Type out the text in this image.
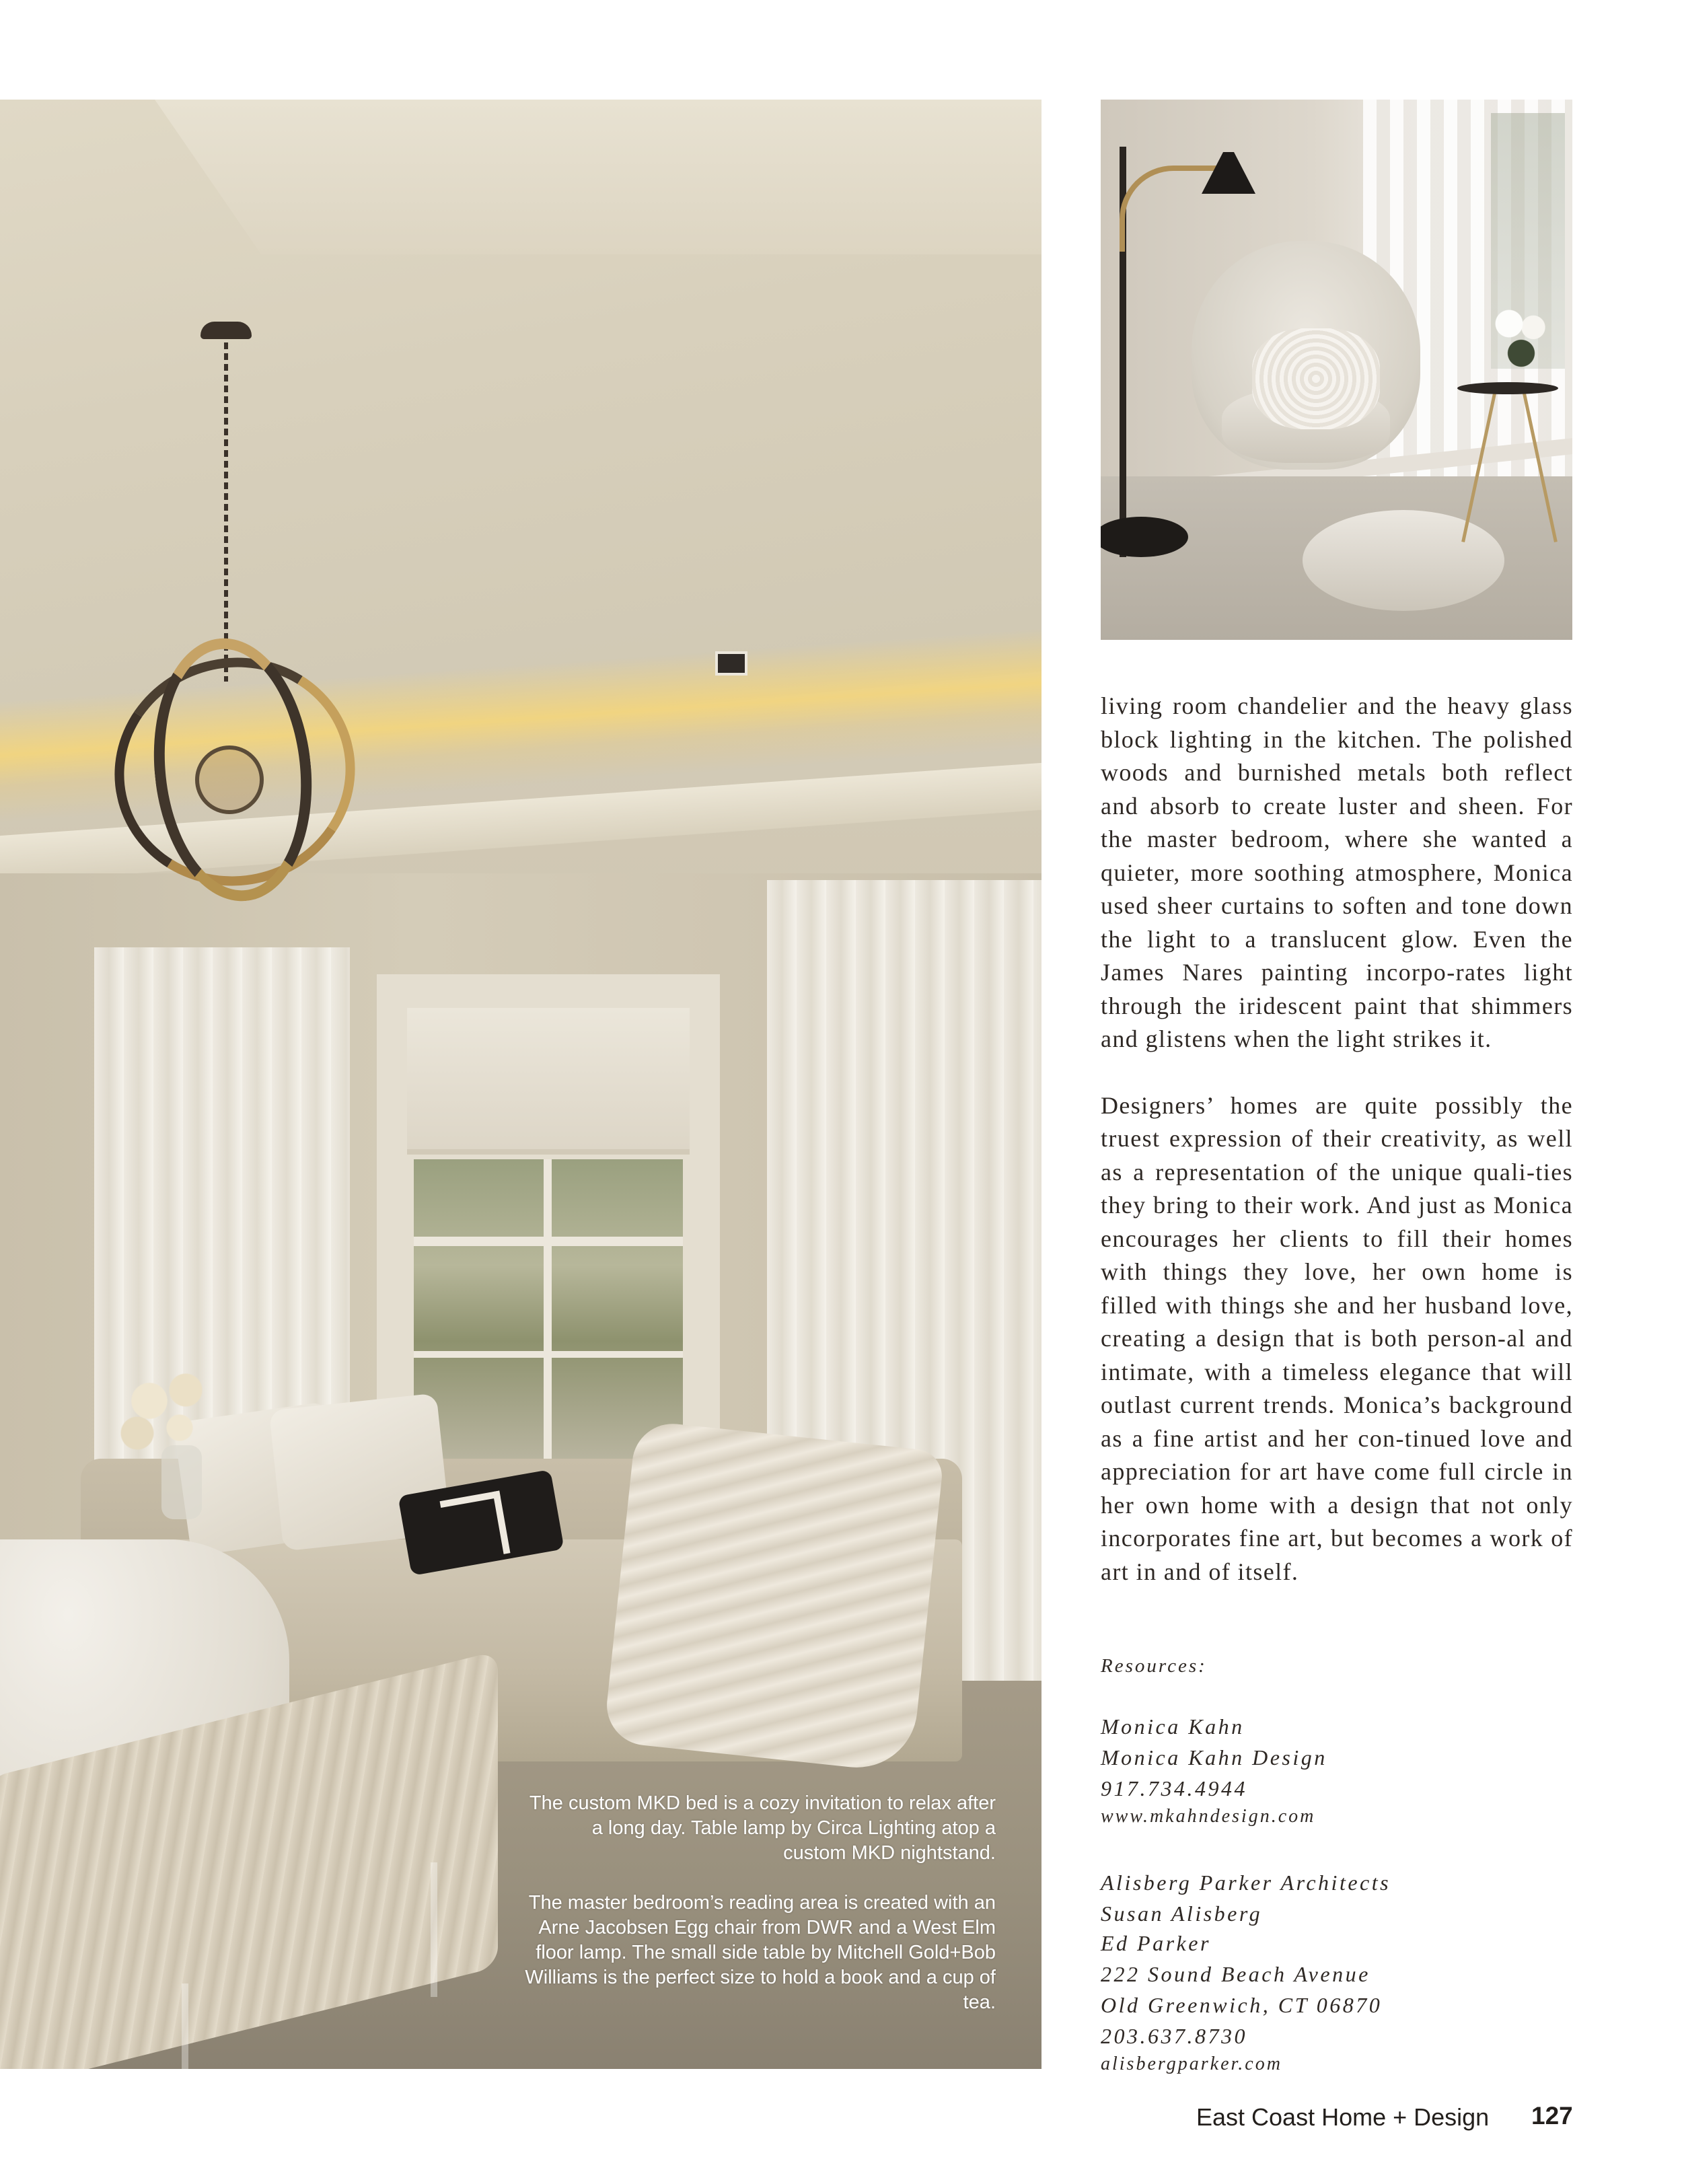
The custom MKD bed is a cozy invitation to relax after a long day. Table lamp by Circa Lighting atop a custom MKD nightstand.
The master bedroom’s reading area is created with an Arne Jacobsen Egg chair from DWR and a West Elm floor lamp. The small side table by Mitchell Gold+Bob Williams is the perfect size to hold a book and a cup of tea.

living room chandelier and the heavy glass block lighting in the kitchen. The polished woods and burnished metals both reflect and absorb to create luster and sheen. For the master bedroom, where she wanted a quieter, more soothing atmosphere, Monica used sheer curtains to soften and tone down the light to a translucent glow. Even the James Nares painting incorpo-rates light through the iridescent paint that shimmers and glistens when the light strikes it.

Designers’ homes are quite possibly the truest expression of their creativity, as well as a representation of the unique quali-ties they bring to their work. And just as Monica encourages her clients to fill their homes with things they love, her own home is filled with things she and her husband love, creating a design that is both person-al and intimate, with a timeless elegance that will outlast current trends. Monica’s background as a fine artist and her con-tinued love and appreciation for art have come full circle in her own home with a design that not only incorporates fine art, but becomes a work of art in and of itself.

Resources:
Monica Kahn
Monica Kahn Design
917.734.4944
www.mkahndesign.com
Alisberg Parker Architects
Susan Alisberg
Ed Parker
222 Sound Beach Avenue
Old Greenwich, CT 06870
203.637.8730
alisbergparker.com
East Coast Home + Design 127
